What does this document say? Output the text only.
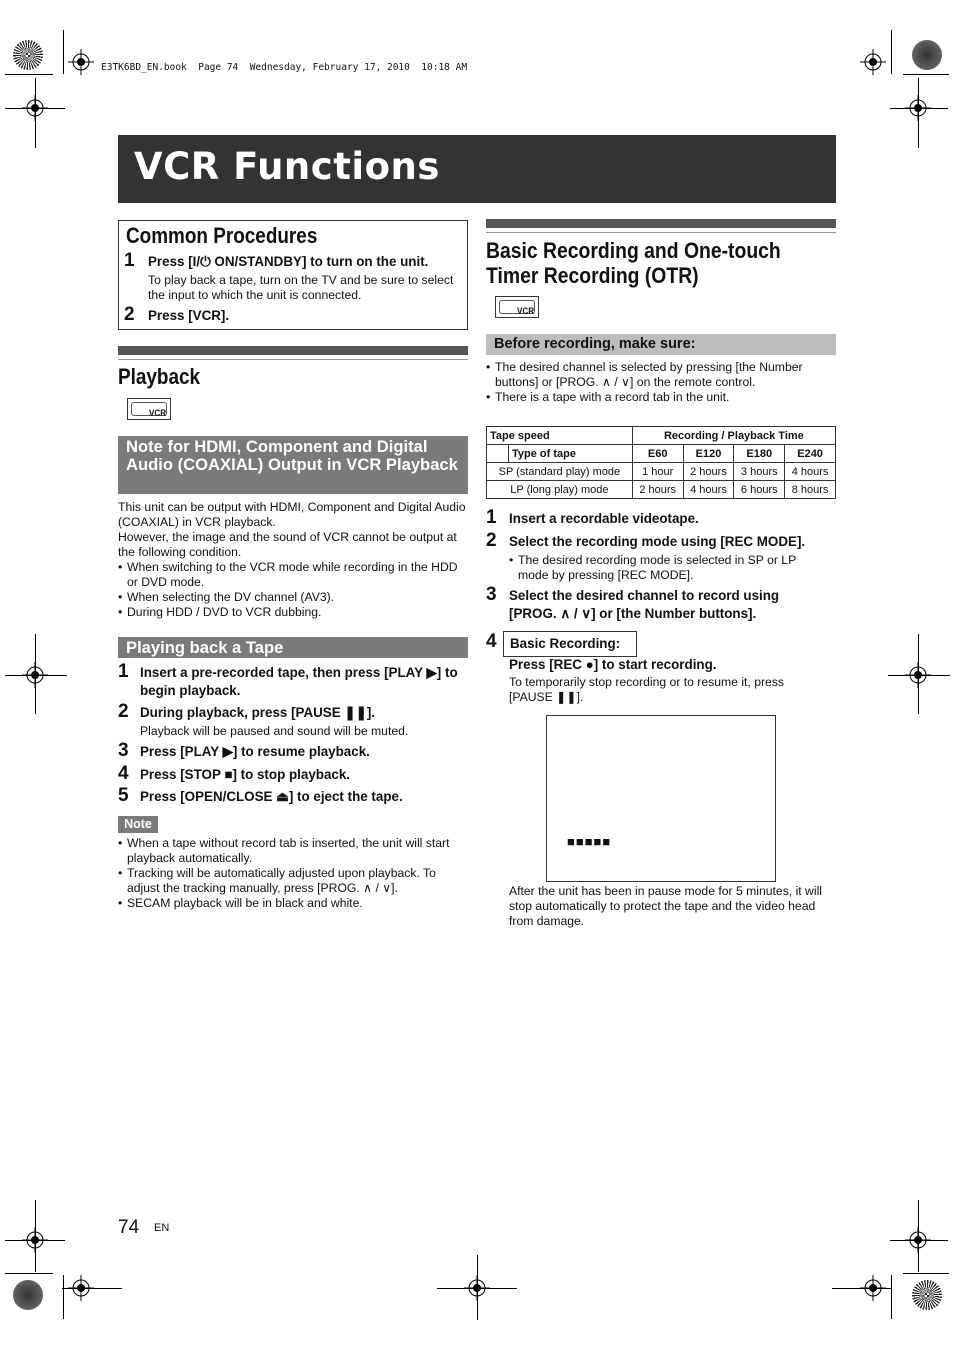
E3TK6BD_EN.book  Page 74  Wednesday, February 17, 2010  10:18 AM
VCR Functions
Common Procedures
1 Press [I/⏻ ON/STANDBY] to turn on the unit.
To play back a tape, turn on the TV and be sure to select the input to which the unit is connected.
2 Press [VCR].
Playback
VCR
Note for HDMI, Component and Digital Audio (COAXIAL) Output in VCR Playback
This unit can be output with HDMI, Component and Digital Audio (COAXIAL) in VCR playback.
However, the image and the sound of VCR cannot be output at the following condition.
• When switching to the VCR mode while recording in the HDD or DVD mode.
• When selecting the DV channel (AV3).
• During HDD / DVD to VCR dubbing.
Playing back a Tape
1 Insert a pre-recorded tape, then press [PLAY ▶] to begin playback.
2 During playback, press [PAUSE ❚❚].
Playback will be paused and sound will be muted.
3 Press [PLAY ▶] to resume playback.
4 Press [STOP ■] to stop playback.
5 Press [OPEN/CLOSE ⏏] to eject the tape.
Note
• When a tape without record tab is inserted, the unit will start playback automatically.
• Tracking will be automatically adjusted upon playback. To adjust the tracking manually, press [PROG. ∧ / ∨].
• SECAM playback will be in black and white.
Basic Recording and One-touch Timer Recording (OTR)
VCR
Before recording, make sure:
• The desired channel is selected by pressing [the Number buttons] or [PROG. ∧ / ∨] on the remote control.
• There is a tape with a record tab in the unit.
Tape speed		Recording / Playback Time			
	Type of tape	E60	E120	E180	E240
SP (standard play) mode		1 hour	2 hours	3 hours	4 hours
LP (long play) mode		2 hours	4 hours	6 hours	8 hours
1 Insert a recordable videotape.
2 Select the recording mode using [REC MODE].
• The desired recording mode is selected in SP or LP mode by pressing [REC MODE].
3 Select the desired channel to record using [PROG. ∧ / ∨] or [the Number buttons].
4	Basic Recording:
Press [REC ●] to start recording.
To temporarily stop recording or to resume it, press [PAUSE ❚❚].
■■■■■
After the unit has been in pause mode for 5 minutes, it will stop automatically to protect the tape and the video head from damage.
74 EN
